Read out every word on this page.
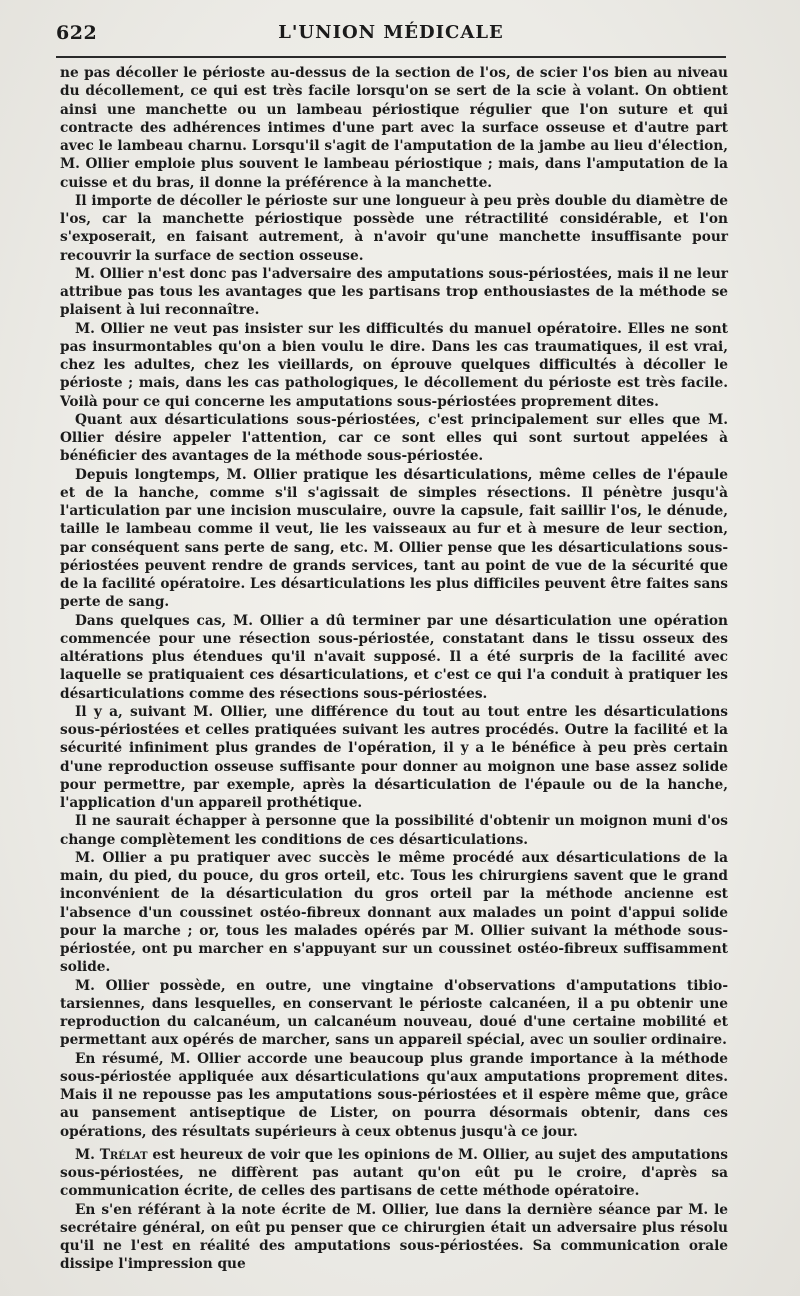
622	L'UNION MÉDICALE

ne pas décoller le périoste au-dessus de la section de l'os, de scier l'os bien au niveau du décollement, ce qui est très facile lorsqu'on se sert de la scie à volant. On obtient ainsi une manchette ou un lambeau périostique régulier que l'on suture et qui contracte des adhérences intimes d'une part avec la surface osseuse et d'autre part avec le lambeau charnu. Lorsqu'il s'agit de l'amputation de la jambe au lieu d'élection, M. Ollier emploie plus souvent le lambeau périostique ; mais, dans l'amputation de la cuisse et du bras, il donne la préférence à la manchette.

Il importe de décoller le périoste sur une longueur à peu près double du diamètre de l'os, car la manchette périostique possède une rétractilité considérable, et l'on s'exposerait, en faisant autrement, à n'avoir qu'une manchette insuffisante pour recouvrir la surface de section osseuse.

M. Ollier n'est donc pas l'adversaire des amputations sous-périostées, mais il ne leur attribue pas tous les avantages que les partisans trop enthousiastes de la méthode se plaisent à lui reconnaître.

M. Ollier ne veut pas insister sur les difficultés du manuel opératoire. Elles ne sont pas insurmontables qu'on a bien voulu le dire. Dans les cas traumatiques, il est vrai, chez les adultes, chez les vieillards, on éprouve quelques difficultés à décoller le périoste ; mais, dans les cas pathologiques, le décollement du périoste est très facile. Voilà pour ce qui concerne les amputations sous-périostées proprement dites.

Quant aux désarticulations sous-périostées, c'est principalement sur elles que M. Ollier désire appeler l'attention, car ce sont elles qui sont surtout appelées à bénéficier des avantages de la méthode sous-périostée.

Depuis longtemps, M. Ollier pratique les désarticulations, même celles de l'épaule et de la hanche, comme s'il s'agissait de simples résections. Il pénètre jusqu'à l'articulation par une incision musculaire, ouvre la capsule, fait saillir l'os, le dénude, taille le lambeau comme il veut, lie les vaisseaux au fur et à mesure de leur section, par conséquent sans perte de sang, etc. M. Ollier pense que les désarticulations sous-périostées peuvent rendre de grands services, tant au point de vue de la sécurité que de la facilité opératoire. Les désarticulations les plus difficiles peuvent être faites sans perte de sang.

Dans quelques cas, M. Ollier a dû terminer par une désarticulation une opération commencée pour une résection sous-périostée, constatant dans le tissu osseux des altérations plus étendues qu'il n'avait supposé. Il a été surpris de la facilité avec laquelle se pratiquaient ces désarticulations, et c'est ce qui l'a conduit à pratiquer les désarticulations comme des résections sous-périostées.

Il y a, suivant M. Ollier, une différence du tout au tout entre les désarticulations sous-périostées et celles pratiquées suivant les autres procédés. Outre la facilité et la sécurité infiniment plus grandes de l'opération, il y a le bénéfice à peu près certain d'une reproduction osseuse suffisante pour donner au moignon une base assez solide pour permettre, par exemple, après la désarticulation de l'épaule ou de la hanche, l'application d'un appareil prothétique.

Il ne saurait échapper à personne que la possibilité d'obtenir un moignon muni d'os change complètement les conditions de ces désarticulations.

M. Ollier a pu pratiquer avec succès le même procédé aux désarticulations de la main, du pied, du pouce, du gros orteil, etc. Tous les chirurgiens savent que le grand inconvénient de la désarticulation du gros orteil par la méthode ancienne est l'absence d'un coussinet ostéo-fibreux donnant aux malades un point d'appui solide pour la marche ; or, tous les malades opérés par M. Ollier suivant la méthode sous-périostée, ont pu marcher en s'appuyant sur un coussinet ostéo-fibreux suffisamment solide.

M. Ollier possède, en outre, une vingtaine d'observations d'amputations tibio-tarsiennes, dans lesquelles, en conservant le périoste calcanéen, il a pu obtenir une reproduction du calcanéum, un calcanéum nouveau, doué d'une certaine mobilité et permettant aux opérés de marcher, sans un appareil spécial, avec un soulier ordinaire.

En résumé, M. Ollier accorde une beaucoup plus grande importance à la méthode sous-périostée appliquée aux désarticulations qu'aux amputations proprement dites. Mais il ne repousse pas les amputations sous-périostées et il espère même que, grâce au pansement antiseptique de Lister, on pourra désormais obtenir, dans ces opérations, des résultats supérieurs à ceux obtenus jusqu'à ce jour.

M. Trélat est heureux de voir que les opinions de M. Ollier, au sujet des amputations sous-périostées, ne diffèrent pas autant qu'on eût pu le croire, d'après sa communication écrite, de celles des partisans de cette méthode opératoire.

En s'en référant à la note écrite de M. Ollier, lue dans la dernière séance par M. le secrétaire général, on eût pu penser que ce chirurgien était un adversaire plus résolu qu'il ne l'est en réalité des amputations sous-périostées. Sa communication orale dissipe l'impression que
